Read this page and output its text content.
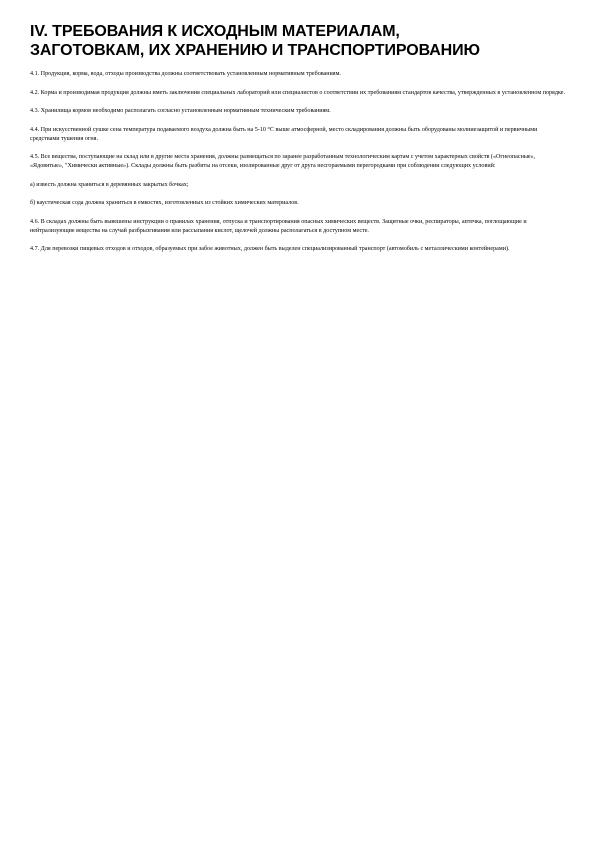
IV. ТРЕБОВАНИЯ К ИСХОДНЫМ МАТЕРИАЛАМ,
ЗАГОТОВКАМ, ИХ ХРАНЕНИЮ И ТРАНСПОРТИРОВАНИЮ

4.1. Продукция, корма, вода, отходы производства должны соответствовать установленным нормативным требованиям.

4.2. Корма и производимая продукция должны иметь заключения специальных лабораторий или специалистов о соответствии их требованиям стандартов качества, утвержденных в установленном порядке.

4.3. Хранилища кормов необходимо располагать согласно установленным нормативным техническим требованиям.

4.4. При искусственной сушке сена температура подаваемого воздуха должна быть на 5-10 °С выше атмосферной, место складирования должны быть оборудованы молниезащитой и первичными средствами тушения огня.

4.5. Все вещества, поступающие на склад или в другие места хранения, должны размещаться по заранее разработанным технологическим картам с учетом характерных свойств («Огнеопасные», «Ядовитые», "Химически активные»). Склады должны быть разбиты на отсеки, изолированные друг от друга несгораемыми перегородками при соблюдении следующих условий:

а) известь должна храниться в деревянных закрытых бочках;

б) каустическая сода должна храниться в емкостях, изготовленных из стойких химических материалов.

4.6. В складах должны быть вывешены инструкции о правилах хранения, отпуска и транспортирования опасных химических веществ. Защитные очки, респираторы, аптечка, поглощающие и нейтрализующие вещества на случай разбрызгивания или рассыпания кислот, щелочей должны располагаться в доступном месте.

4.7. Для перевозки пищевых отходов и отходов, образуемых при забое животных, должен быть выделен специализированный транспорт (автомобиль с металлическими контейнерами).
